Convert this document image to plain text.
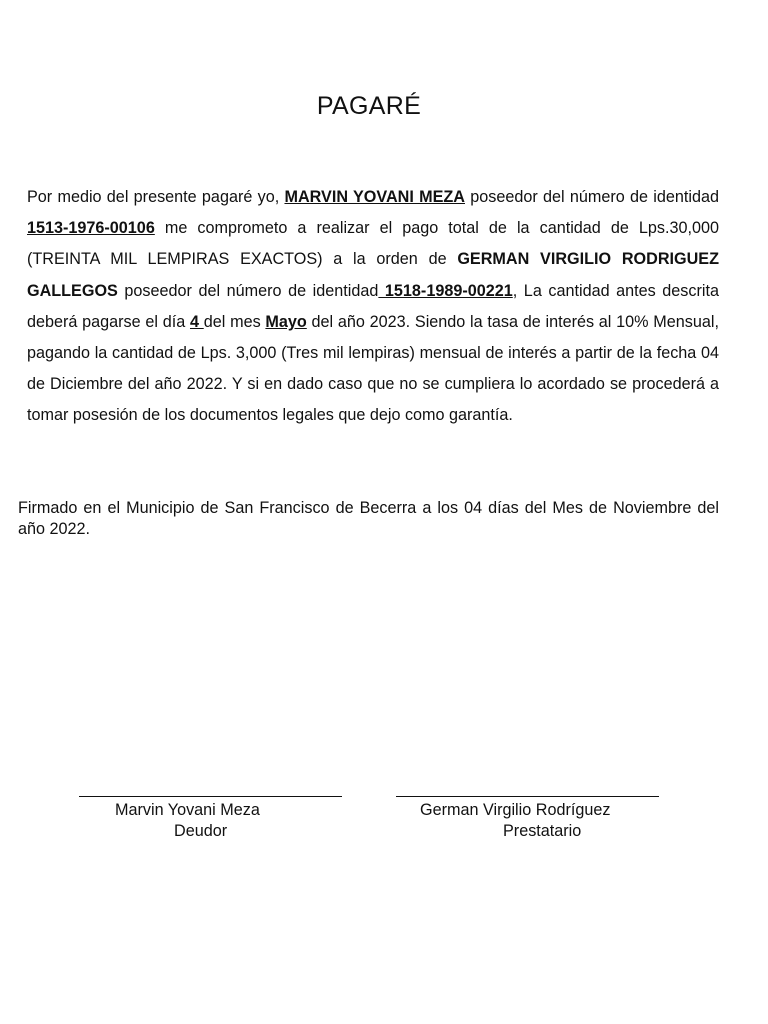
PAGARÉ

Por medio del presente pagaré yo, MARVIN YOVANI MEZA poseedor del número de identidad 1513-1976-00106 me comprometo a realizar el pago total de la cantidad de Lps.30,000 (TREINTA MIL LEMPIRAS EXACTOS) a la orden de GERMAN VIRGILIO RODRIGUEZ GALLEGOS poseedor del número de identidad 1518-1989-00221, La cantidad antes descrita deberá pagarse el día 4 del mes Mayo del año 2023. Siendo la tasa de interés al 10% Mensual, pagando la cantidad de Lps. 3,000 (Tres mil lempiras) mensual de interés a partir de la fecha 04 de Diciembre del año 2022. Y si en dado caso que no se cumpliera lo acordado se procederá a tomar posesión de los documentos legales que dejo como garantía.

Firmado en el Municipio de San Francisco de Becerra a los 04 días del Mes de Noviembre del año 2022.

Marvin Yovani Meza
Deudor
German Virgilio Rodríguez
Prestatario
